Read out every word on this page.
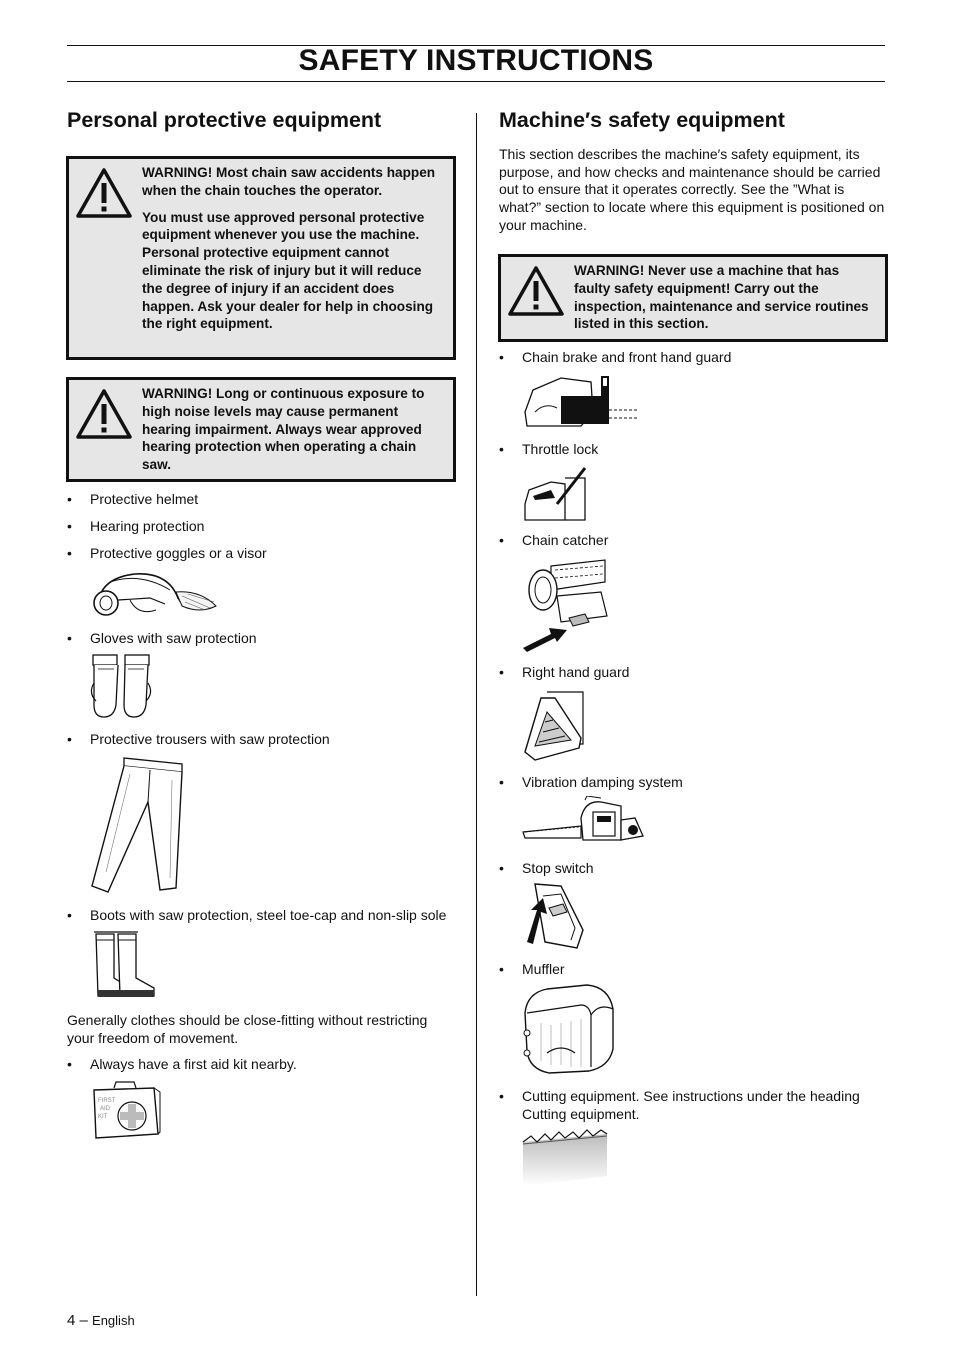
SAFETY INSTRUCTIONS
Personal protective equipment

WARNING! Most chain saw accidents happen when the chain touches the operator.

You must use approved personal protective equipment whenever you use the machine. Personal protective equipment cannot eliminate the risk of injury but it will reduce the degree of injury if an accident does happen. Ask your dealer for help in choosing the right equipment.

WARNING! Long or continuous exposure to high noise levels may cause permanent hearing impairment. Always wear approved hearing protection when operating a chain saw.

• Protective helmet
• Hearing protection
• Protective goggles or a visor
• Gloves with saw protection
• Protective trousers with saw protection
• Boots with saw protection, steel toe-cap and non-slip sole
Generally clothes should be close-fitting without restricting your freedom of movement.
• Always have a first aid kit nearby.
FIRST
AID
KIT
Machine′s safety equipment
This section describes the machine′s safety equipment, its purpose, and how checks and maintenance should be carried out to ensure that it operates correctly. See the ”What is what?” section to locate where this equipment is positioned on your machine.

WARNING! Never use a machine that has faulty safety equipment! Carry out the inspection, maintenance and service routines listed in this section.

• Chain brake and front hand guard
• Throttle lock
• Chain catcher
• Right hand guard
• Vibration damping system
• Stop switch
• Muffler
• Cutting equipment. See instructions under the heading Cutting equipment.
4 – English
